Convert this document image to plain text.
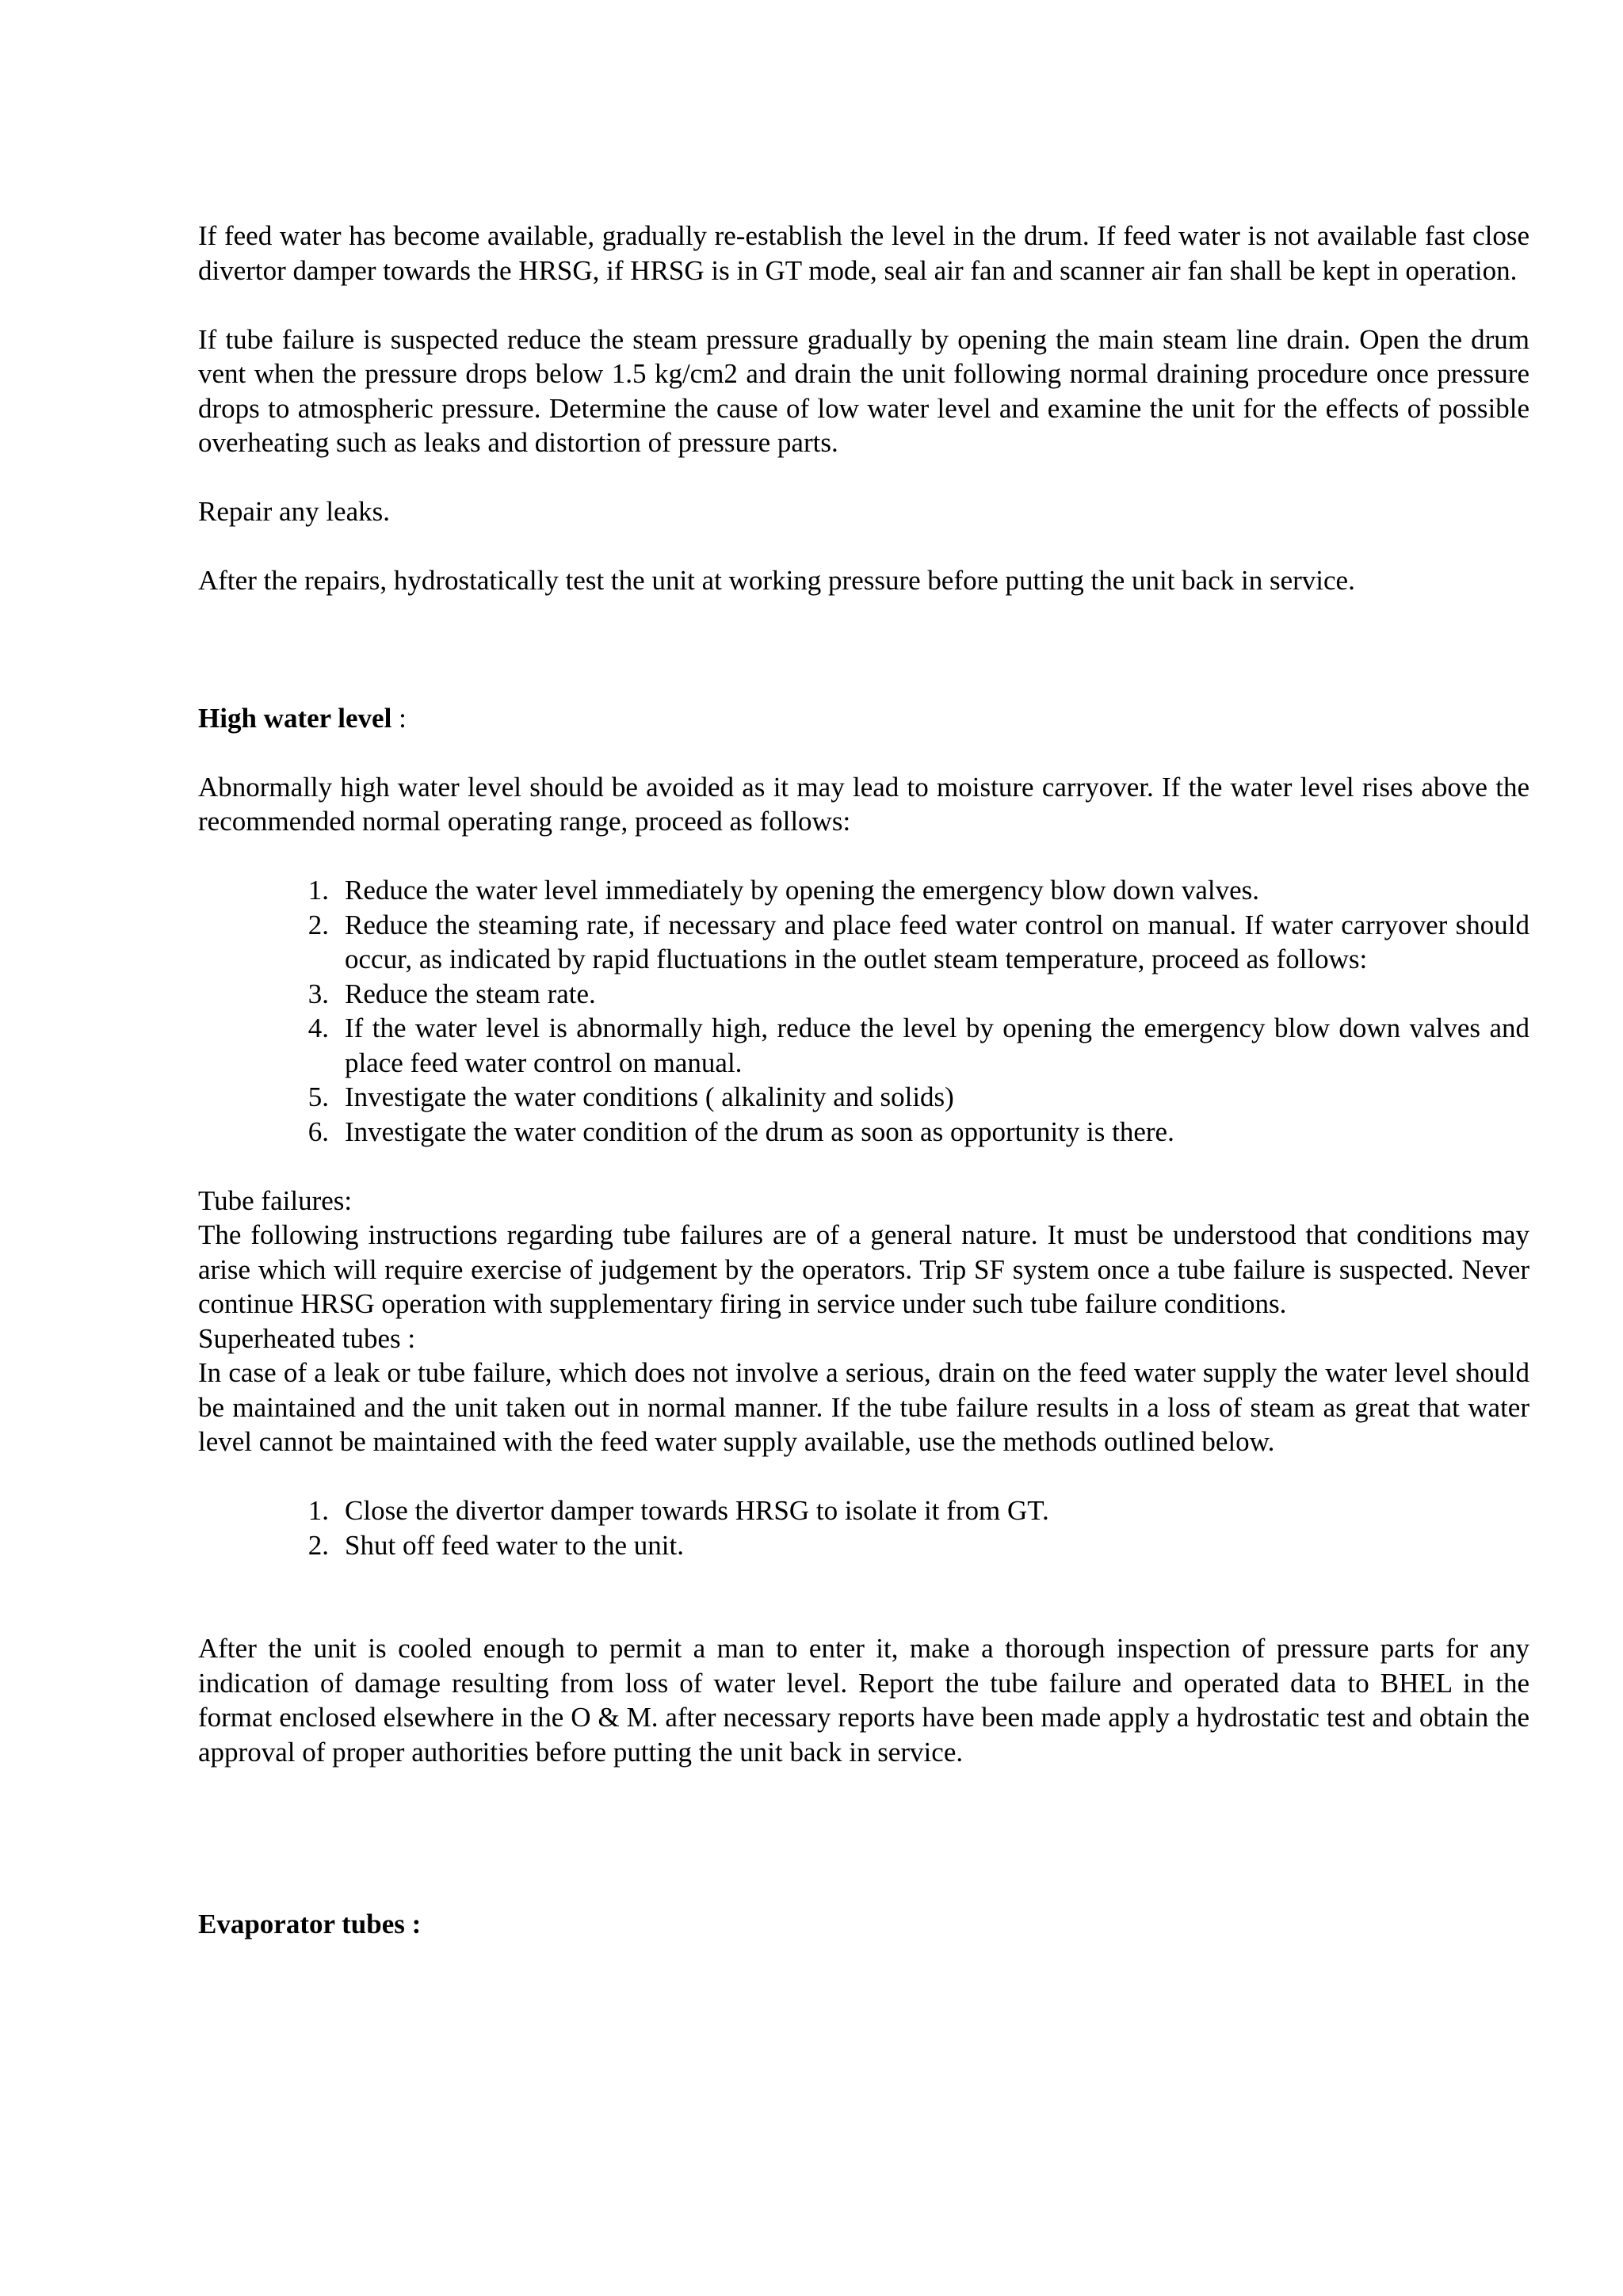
If feed water has become available, gradually re-establish the level in the drum. If feed water is not available fast close divertor damper towards the HRSG, if HRSG is in GT mode, seal air fan and scanner air fan shall be kept in operation.

If tube failure is suspected reduce the steam pressure gradually by opening the main steam line drain. Open the drum vent when the pressure drops below 1.5 kg/cm2 and drain the unit following normal draining procedure once pressure drops to atmospheric pressure. Determine the cause of low water level and examine the unit for the effects of possible overheating such as leaks and distortion of pressure parts.

Repair any leaks.

After the repairs, hydrostatically test the unit at working pressure before putting the unit back in service.

High water level :

Abnormally high water level should be avoided as it may lead to moisture carryover. If the water level rises above the recommended normal operating range, proceed as follows:

1. Reduce the water level immediately by opening the emergency blow down valves.
2. Reduce the steaming rate, if necessary and place feed water control on manual. If water carryover should occur, as indicated by rapid fluctuations in the outlet steam temperature, proceed as follows:
3. Reduce the steam rate.
4. If the water level is abnormally high, reduce the level by opening the emergency blow down valves and place feed water control on manual.
5. Investigate the water conditions ( alkalinity and solids)
6. Investigate the water condition of the drum as soon as opportunity is there.

Tube failures:

The following instructions regarding tube failures are of a general nature. It must be understood that conditions may arise which will require exercise of judgement by the operators. Trip SF system once a tube failure is suspected. Never continue HRSG operation with supplementary firing in service under such tube failure conditions.

Superheated tubes :

In case of a leak or tube failure, which does not involve a serious, drain on the feed water supply the water level should be maintained and the unit taken out in normal manner. If the tube failure results in a loss of steam as great that water level cannot be maintained with the feed water supply available, use the methods outlined below.

1. Close the divertor damper towards HRSG to isolate it from GT.
2. Shut off feed water to the unit.

After the unit is cooled enough to permit a man to enter it, make a thorough inspection of pressure parts for any indication of damage resulting from loss of water level. Report the tube failure and operated data to BHEL in the format enclosed elsewhere in the O & M. after necessary reports have been made apply a hydrostatic test and obtain the approval of proper authorities before putting the unit back in service.

Evaporator tubes :
